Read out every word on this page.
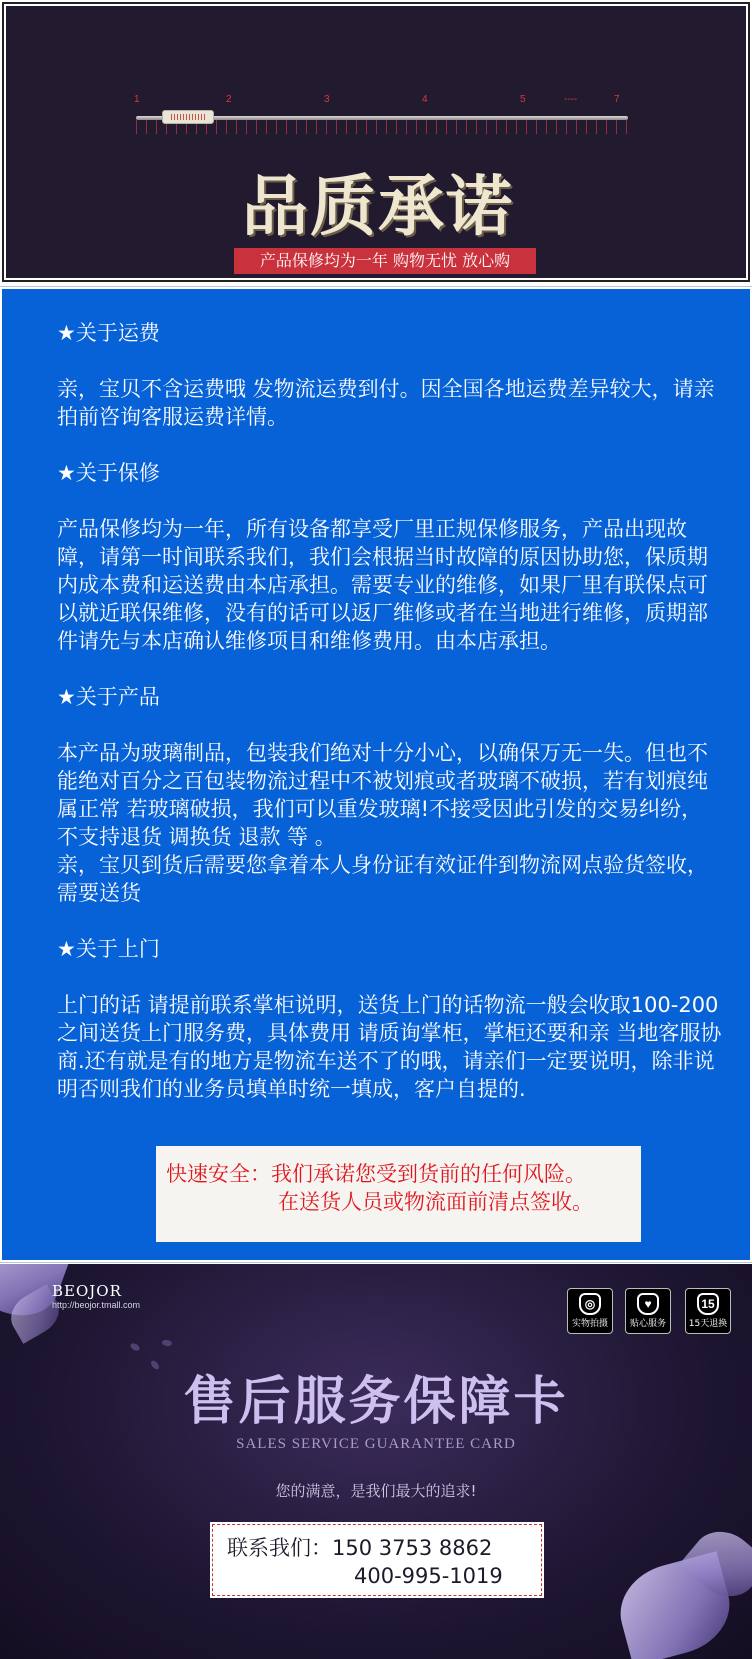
1	2	3	4	5	----	7
品质承诺
产品保修均为一年 购物无忧 放心购

★关于运费

亲，宝贝不含运费哦 发物流运费到付。因全国各地运费差异较大，请亲拍前咨询客服运费详情。

★关于保修

产品保修均为一年，所有设备都享受厂里正规保修服务，产品出现故障，请第一时间联系我们，我们会根据当时故障的原因协助您，保质期内成本费和运送费由本店承担。需要专业的维修，如果厂里有联保点可以就近联保维修，没有的话可以返厂维修或者在当地进行维修，质期部件请先与本店确认维修项目和维修费用。由本店承担。

★关于产品

本产品为玻璃制品，包装我们绝对十分小心，以确保万无一失。但也不能绝对百分之百包装物流过程中不被划痕或者玻璃不破损，若有划痕纯属正常 若玻璃破损，我们可以重发玻璃!不接受因此引发的交易纠纷，不支持退货 调换货 退款 等 。

亲，宝贝到货后需要您拿着本人身份证有效证件到物流网点验货签收，需要送货

★关于上门

上门的话 请提前联系掌柜说明，送货上门的话物流一般会收取100-200之间送货上门服务费，具体费用 请质询掌柜，掌柜还要和亲 当地客服协商.还有就是有的地方是物流车送不了的哦，请亲们一定要说明，除非说明否则我们的业务员填单时统一填成，客户自提的.

快速安全：我们承诺您受到货前的任何风险。
在送货人员或物流面前清点签收。
BEOJOR
http://beojor.tmall.com	◎
实物拍摄
♥
贴心服务
15
15天退换
售后服务保障卡
SALES SERVICE GUARANTEE CARD
您的满意，是我们最大的追求!
联系我们：150 3753 8862
400-995-1019
